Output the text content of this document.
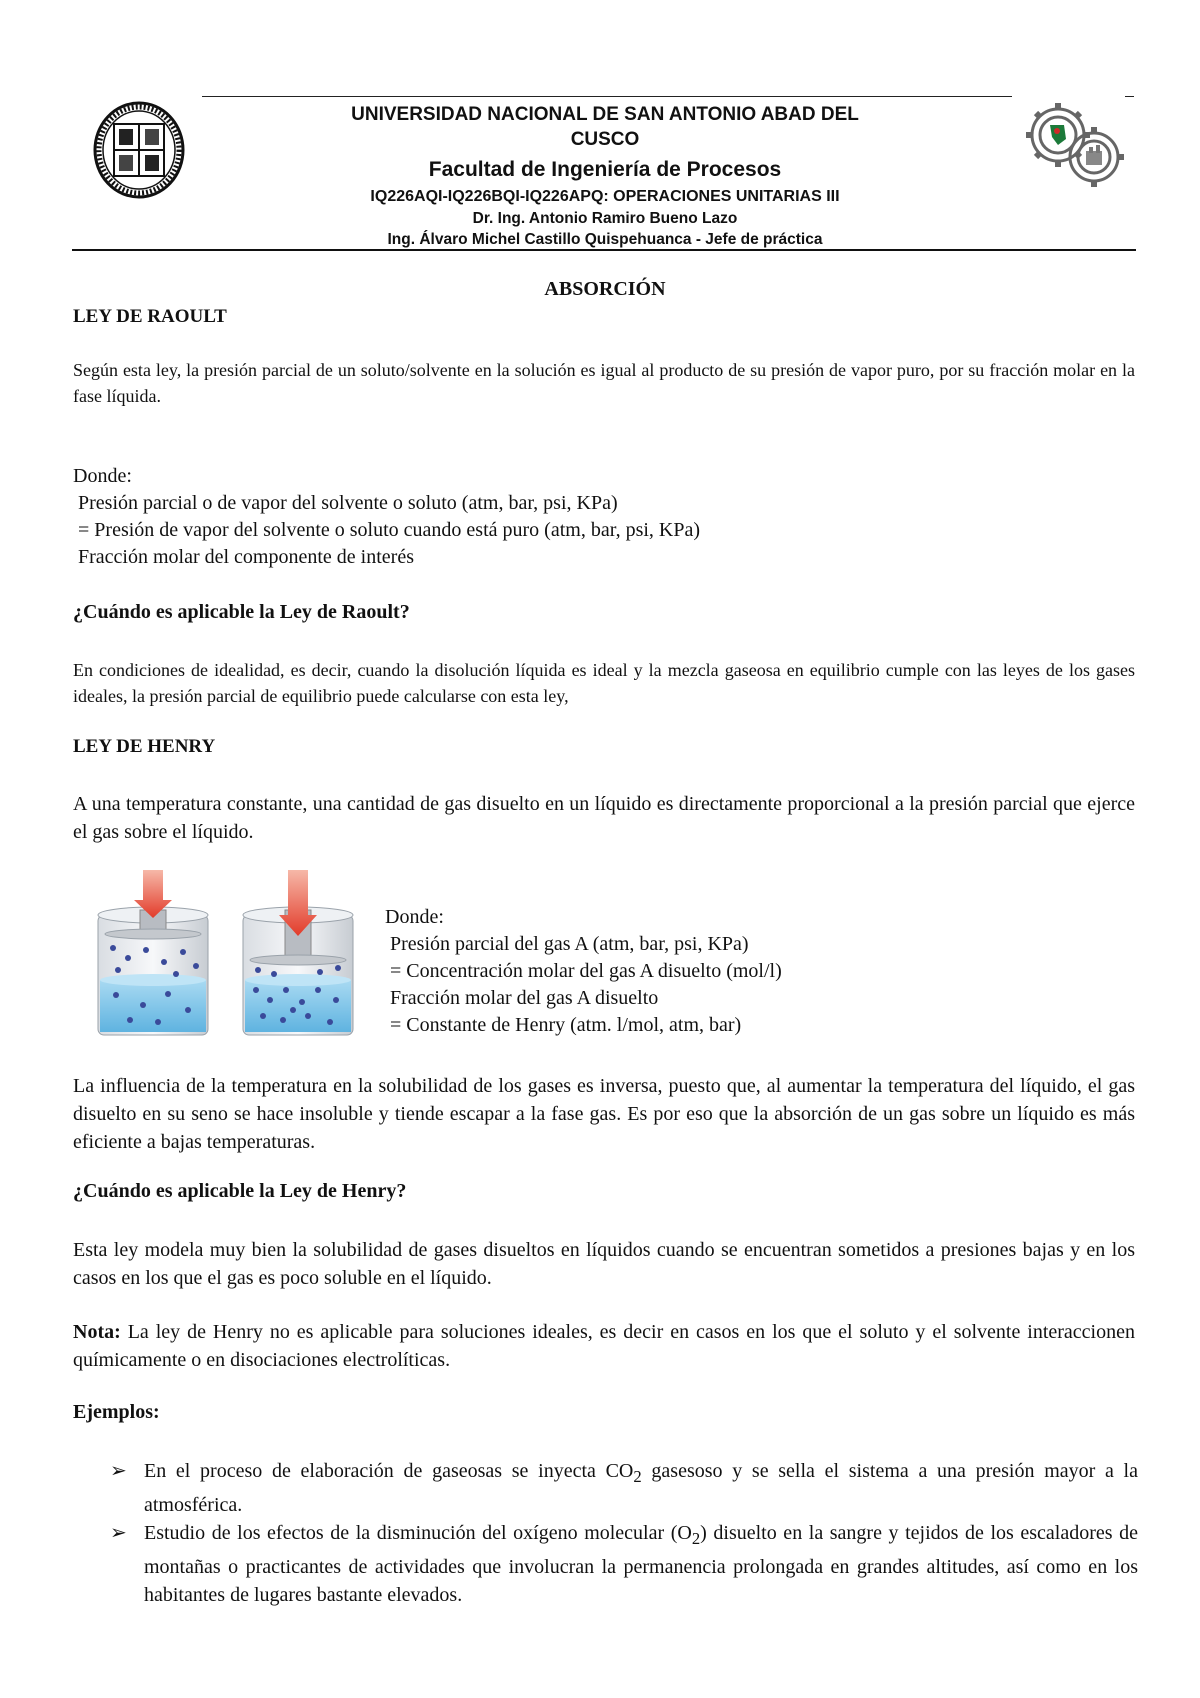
UNIVERSIDAD NACIONAL DE SAN ANTONIO ABAD DEL
CUSCO
Facultad de Ingeniería de Procesos
IQ226AQI-IQ226BQI-IQ226APQ: OPERACIONES UNITARIAS III
Dr. Ing. Antonio Ramiro Bueno Lazo
Ing. Álvaro Michel Castillo Quispehuanca - Jefe de práctica
ABSORCIÓN

LEY DE RAOULT

Según esta ley, la presión parcial de un soluto/solvente en la solución es igual al producto de su presión de vapor puro, por su fracción molar en la fase líquida.

Donde:

Presión parcial o de vapor del solvente o soluto (atm, bar, psi, KPa)

= Presión de vapor del solvente o soluto cuando está puro (atm, bar, psi, KPa)

Fracción molar del componente de interés

¿Cuándo es aplicable la Ley de Raoult?

En condiciones de idealidad, es decir, cuando la disolución líquida es ideal y la mezcla gaseosa en equilibrio cumple con las leyes de los gases ideales, la presión parcial de equilibrio puede calcularse con esta ley,

LEY DE HENRY

A una temperatura constante, una cantidad de gas disuelto en un líquido es directamente proporcional a la presión parcial que ejerce el gas sobre el líquido.

Donde:

Presión parcial del gas A (atm, bar, psi, KPa)

= Concentración molar del gas A disuelto (mol/l)

Fracción molar del gas A disuelto

= Constante de Henry (atm. l/mol, atm, bar)

La influencia de la temperatura en la solubilidad de los gases es inversa, puesto que, al aumentar la temperatura del líquido, el gas disuelto en su seno se hace insoluble y tiende escapar a la fase gas. Es por eso que la absorción de un gas sobre un líquido es más eficiente a bajas temperaturas.

¿Cuándo es aplicable la Ley de Henry?

Esta ley modela muy bien la solubilidad de gases disueltos en líquidos cuando se encuentran sometidos a presiones bajas y en los casos en los que el gas es poco soluble en el líquido.

Nota: La ley de Henry no es aplicable para soluciones ideales, es decir en casos en los que el soluto y el solvente interaccionen químicamente o en disociaciones electrolíticas.

Ejemplos:

➢ En el proceso de elaboración de gaseosas se inyecta $CO_2$ gasesoso y se sella el sistema a una presión mayor a la atmosférica.
➢ Estudio de los efectos de la disminución del oxígeno molecular $(O_2)$ disuelto en la sangre y tejidos de los escaladores de montañas o practicantes de actividades que involucran la permanencia prolongada en grandes altitudes, así como en los habitantes de lugares bastante elevados.
